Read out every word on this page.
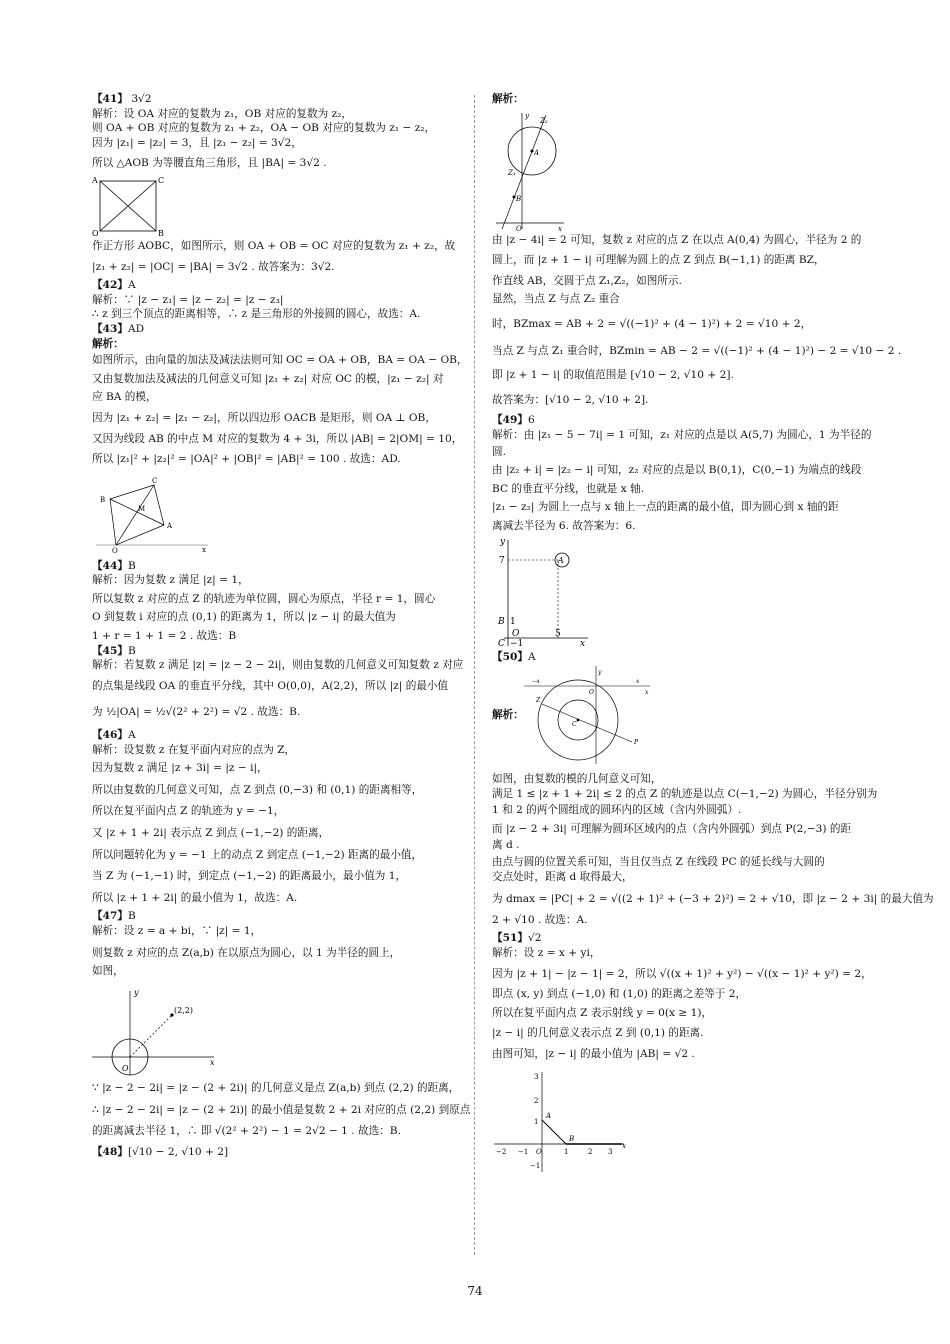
【41】 3√2
解析：设 OA 对应的复数为 z₁，OB 对应的复数为 z₂，
则 OA + OB 对应的复数为 z₁ + z₂，OA − OB 对应的复数为 z₁ − z₂，
因为 |z₁| = |z₂| = 3，且 |z₁ − z₂| = 3√2，
所以 △AOB 为等腰直角三角形，且 |BA| = 3√2 .
A	C
O	B
作正方形 AOBC，如图所示，则 OA + OB = OC 对应的复数为 z₁ + z₂，故
|z₁ + z₂| = |OC| = |BA| = 3√2 . 故答案为：3√2.
【42】A
解析：∵ |z − z₁| = |z − z₂| = |z − z₃|
∴ z 到三个顶点的距离相等，∴ z 是三角形的外接圆的圆心，故选：A.
【43】AD
解析：
如图所示，由向量的加法及减法法则可知 OC = OA + OB，BA = OA − OB，
又由复数加法及减法的几何意义可知 |z₁ + z₂| 对应 OC 的模，|z₁ − z₂| 对
应 BA 的模，
因为 |z₁ + z₂| = |z₁ − z₂|，所以四边形 OACB 是矩形，则 OA ⊥ OB，
又因为线段 AB 的中点 M 对应的复数为 4 + 3i，所以 |AB| = 2|OM| = 10，
所以 |z₁|² + |z₂|² = |OA|² + |OB|² = |AB|² = 100 . 故选：AD.
C
B
M
A
O	x
【44】B
解析：因为复数 z 满足 |z| = 1，
所以复数 z 对应的点 Z 的轨迹为单位圆，圆心为原点，半径 r = 1，圆心
O 到复数 i 对应的点 (0,1) 的距离为 1，所以 |z − i| 的最大值为
1 + r = 1 + 1 = 2 . 故选：B
【45】B
解析：若复数 z 满足 |z| = |z − 2 − 2i|，则由复数的几何意义可知复数 z 对应
的点集是线段 OA 的垂直平分线，其中 O(0,0)，A(2,2)，所以 |z| 的最小值
为 ½|OA| = ½√(2² + 2²) = √2 . 故选：B.
【46】A
解析：设复数 z 在复平面内对应的点为 Z，
因为复数 z 满足 |z + 3i| = |z − i|，
所以由复数的几何意义可知，点 Z 到点 (0,−3) 和 (0,1) 的距离相等，
所以在复平面内点 Z 的轨迹为 y = −1，
又 |z + 1 + 2i| 表示点 Z 到点 (−1,−2) 的距离，
所以问题转化为 y = −1 上的动点 Z 到定点 (−1,−2) 距离的最小值，
当 Z 为 (−1,−1) 时，到定点 (−1,−2) 的距离最小，最小值为 1，
所以 |z + 1 + 2i| 的最小值为 1，故选：A.
【47】B
解析：设 z = a + bi，∵ |z| = 1，
则复数 z 对应的点 Z(a,b) 在以原点为圆心，以 1 为半径的圆上，
如图，
y
(2,2)
O
x
∵ |z − 2 − 2i| = |z − (2 + 2i)| 的几何意义是点 Z(a,b) 到点 (2,2) 的距离，
∴ |z − 2 − 2i| = |z − (2 + 2i)| 的最小值是复数 2 + 2i 对应的点 (2,2) 到原点
的距离减去半径 1，∴ 即 √(2² + 2²) − 1 = 2√2 − 1 . 故选：B.
【48】[√10 − 2, √10 + 2]
解析：
y
Z₂
A
Z₁
B
O	x
由 |z − 4i| = 2 可知，复数 z 对应的点 Z 在以点 A(0,4) 为圆心，半径为 2 的
圆上，而 |z + 1 − i| 可理解为圆上的点 Z 到点 B(−1,1) 的距离 BZ，
作直线 AB，交圆于点 Z₁,Z₂，如图所示.
显然，当点 Z 与点 Z₂ 重合
时，BZmax = AB + 2 = √((−1)² + (4 − 1)²) + 2 = √10 + 2，
当点 Z 与点 Z₁ 重合时，BZmin = AB − 2 = √((−1)² + (4 − 1)²) − 2 = √10 − 2 .
即 |z + 1 − i| 的取值范围是 [√10 − 2, √10 + 2].
故答案为：[√10 − 2, √10 + 2].
【49】6
解析：由 |z₁ − 5 − 7i| = 1 可知，z₁ 对应的点是以 A(5,7) 为圆心，1 为半径的
圆.
由 |z₂ + i| = |z₂ − i| 可知，z₂ 对应的点是以 B(0,1)，C(0,−1) 为端点的线段
BC 的垂直平分线，也就是 x 轴.
|z₁ − z₂| 为圆上一点与 x 轴上一点的距离的最小值，即为圆心到 x 轴的距
离减去半径为 6. 故答案为：6.
y
7	A
B 1
C −1
O	5
x
【50】A
解析：
y
O	x
Z
C
P
−4	4
如图，由复数的模的几何意义可知，
满足 1 ≤ |z + 1 + 2i| ≤ 2 的点 Z 的轨迹是以点 C(−1,−2) 为圆心，半径分别为
1 和 2 的两个圆组成的圆环内的区域（含内外圆弧）.
而 |z − 2 + 3i| 可理解为圆环区域内的点（含内外圆弧）到点 P(2,−3) 的距
离 d .
由点与圆的位置关系可知，当且仅当点 Z 在线段 PC 的延长线与大圆的
交点处时，距离 d 取得最大，
为 dmax = |PC| + 2 = √((2 + 1)² + (−3 + 2)²) = 2 + √10，即 |z − 2 + 3i| 的最大值为
2 + √10 . 故选：A.
【51】√2
解析：设 z = x + yi，
因为 |z + 1| − |z − 1| = 2，所以 √((x + 1)² + y²) − √((x − 1)² + y²) = 2，
即点 (x, y) 到点 (−1,0) 和 (1,0) 的距离之差等于 2，
所以在复平面内点 Z 表示射线 y = 0(x ≥ 1)，
|z − i| 的几何意义表示点 Z 到 (0,1) 的距离.
由图可知，|z − i| 的最小值为 |AB| = √2 .
3
2
1
A
B
−2 −1 O	1	2 3
x
−1
74
